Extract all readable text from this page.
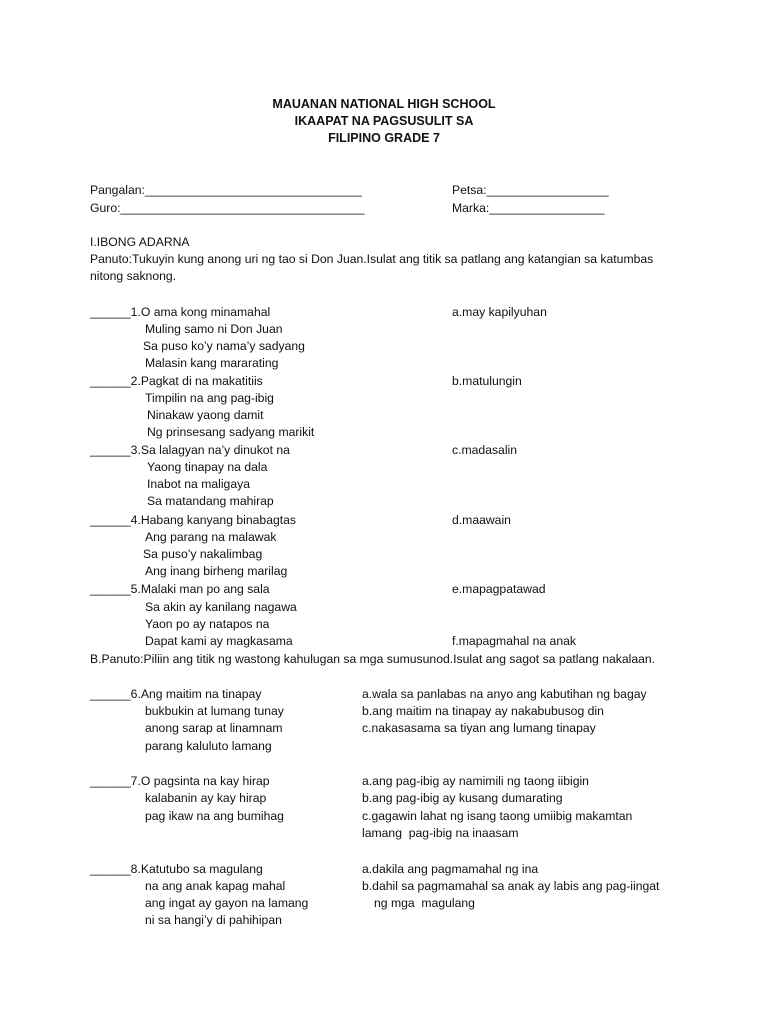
MAUANAN NATIONAL HIGH SCHOOL
IKAAPAT NA PAGSUSULIT SA
FILIPINO GRADE 7
Pangalan:________________________________	Petsa:__________________
Guro:____________________________________	Marka:_________________
I.IBONG ADARNA
Panuto:Tukuyin kung anong uri ng tao si Don Juan.Isulat ang titik sa patlang ang katangian sa katumbas
nitong saknong.
______1.O ama kong minamahal
Muling samo ni Don Juan
Sa puso ko’y nama’y sadyang
Malasin kang mararating
a.may kapilyuhan
______2.Pagkat di na makatitiis
Timpilin na ang pag-ibig
Ninakaw yaong damit
Ng prinsesang sadyang marikit
b.matulungin
______3.Sa lalagyan na’y dinukot na
Yaong tinapay na dala
Inabot na maligaya
Sa matandang mahirap
c.madasalin
______4.Habang kanyang binabagtas
Ang parang na malawak
Sa puso’y nakalimbag
Ang inang birheng marilag
d.maawain
______5.Malaki man po ang sala
Sa akin ay kanilang nagawa
Yaon po ay natapos na
Dapat kami ay magkasama
e.mapagpatawad
f.mapagmahal na anak
B.Panuto:Piliin ang titik ng wastong kahulugan sa mga sumusunod.Isulat ang sagot sa patlang nakalaan.
______6.Ang maitim na tinapay
bukbukin at lumang tunay
anong sarap at linamnam
parang kaluluto lamang
a.wala sa panlabas na anyo ang kabutihan ng bagay
b.ang maitim na tinapay ay nakabubusog din
c.nakasasama sa tiyan ang lumang tinapay
______7.O pagsinta na kay hirap
kalabanin ay kay hirap
pag ikaw na ang bumihag
a.ang pag-ibig ay namimili ng taong iibigin
b.ang pag-ibig ay kusang dumarating
c.gagawin lahat ng isang taong umiibig makamtan
lamang  pag-ibig na inaasam
______8.Katutubo sa magulang
na ang anak kapag mahal
ang ingat ay gayon na lamang
ni sa hangi’y di pahihipan
a.dakila ang pagmamahal ng ina
b.dahil sa pagmamahal sa anak ay labis ang pag-iingat
ng mga  magulang
